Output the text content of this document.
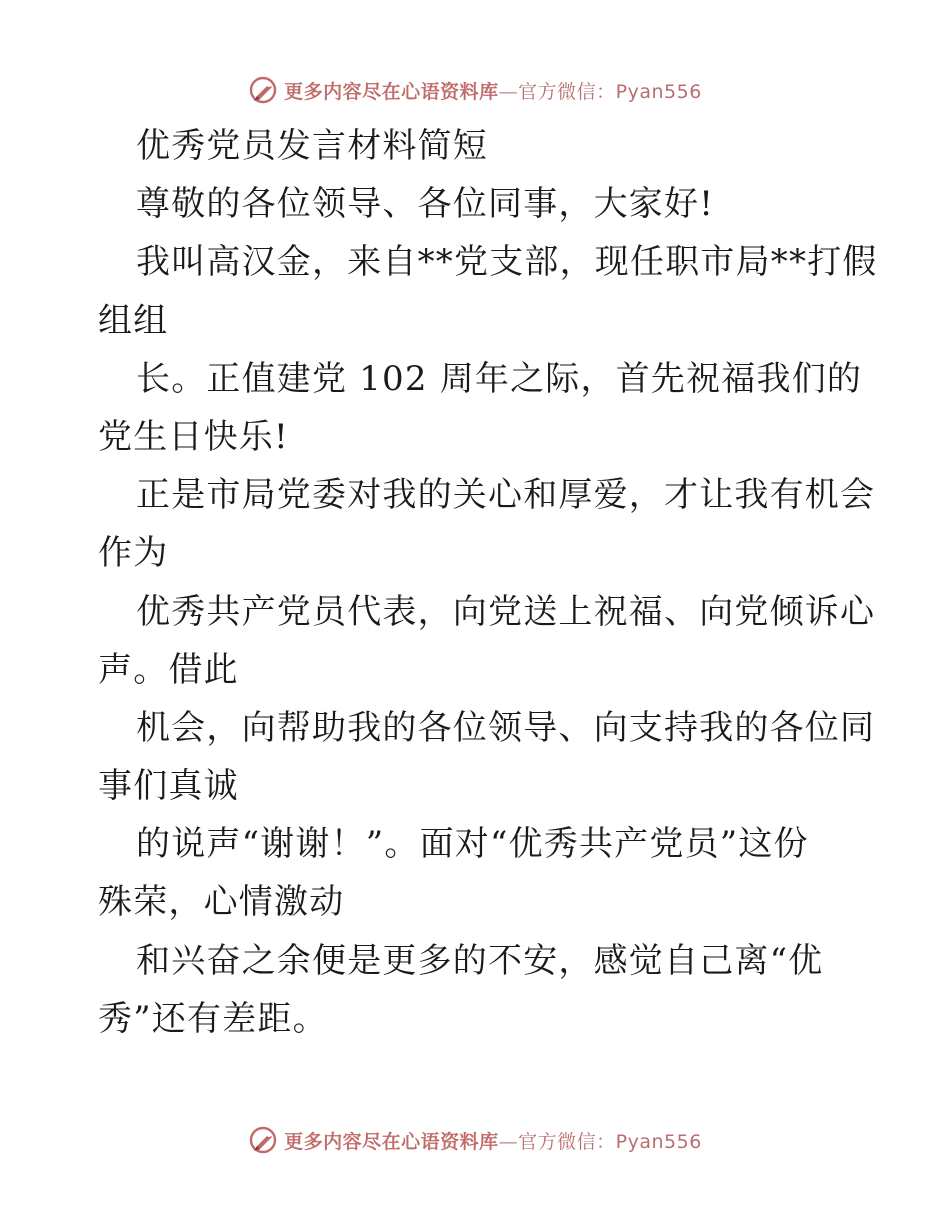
更多内容尽在心语资料库—官方微信：Pyan556
优秀党员发言材料简短
尊敬的各位领导、各位同事，大家好!
我叫高汉金，来自**党支部，现任职市局**打假
组组
长。正值建党 102 周年之际，首先祝福我们的
党生日快乐!
正是市局党委对我的关心和厚爱，才让我有机会
作为
优秀共产党员代表，向党送上祝福、向党倾诉心
声。借此
机会，向帮助我的各位领导、向支持我的各位同
事们真诚
的说声“谢谢！”。面对“优秀共产党员”这份
殊荣，心情激动
和兴奋之余便是更多的不安，感觉自己离“优
秀”还有差距。
更多内容尽在心语资料库—官方微信：Pyan556
